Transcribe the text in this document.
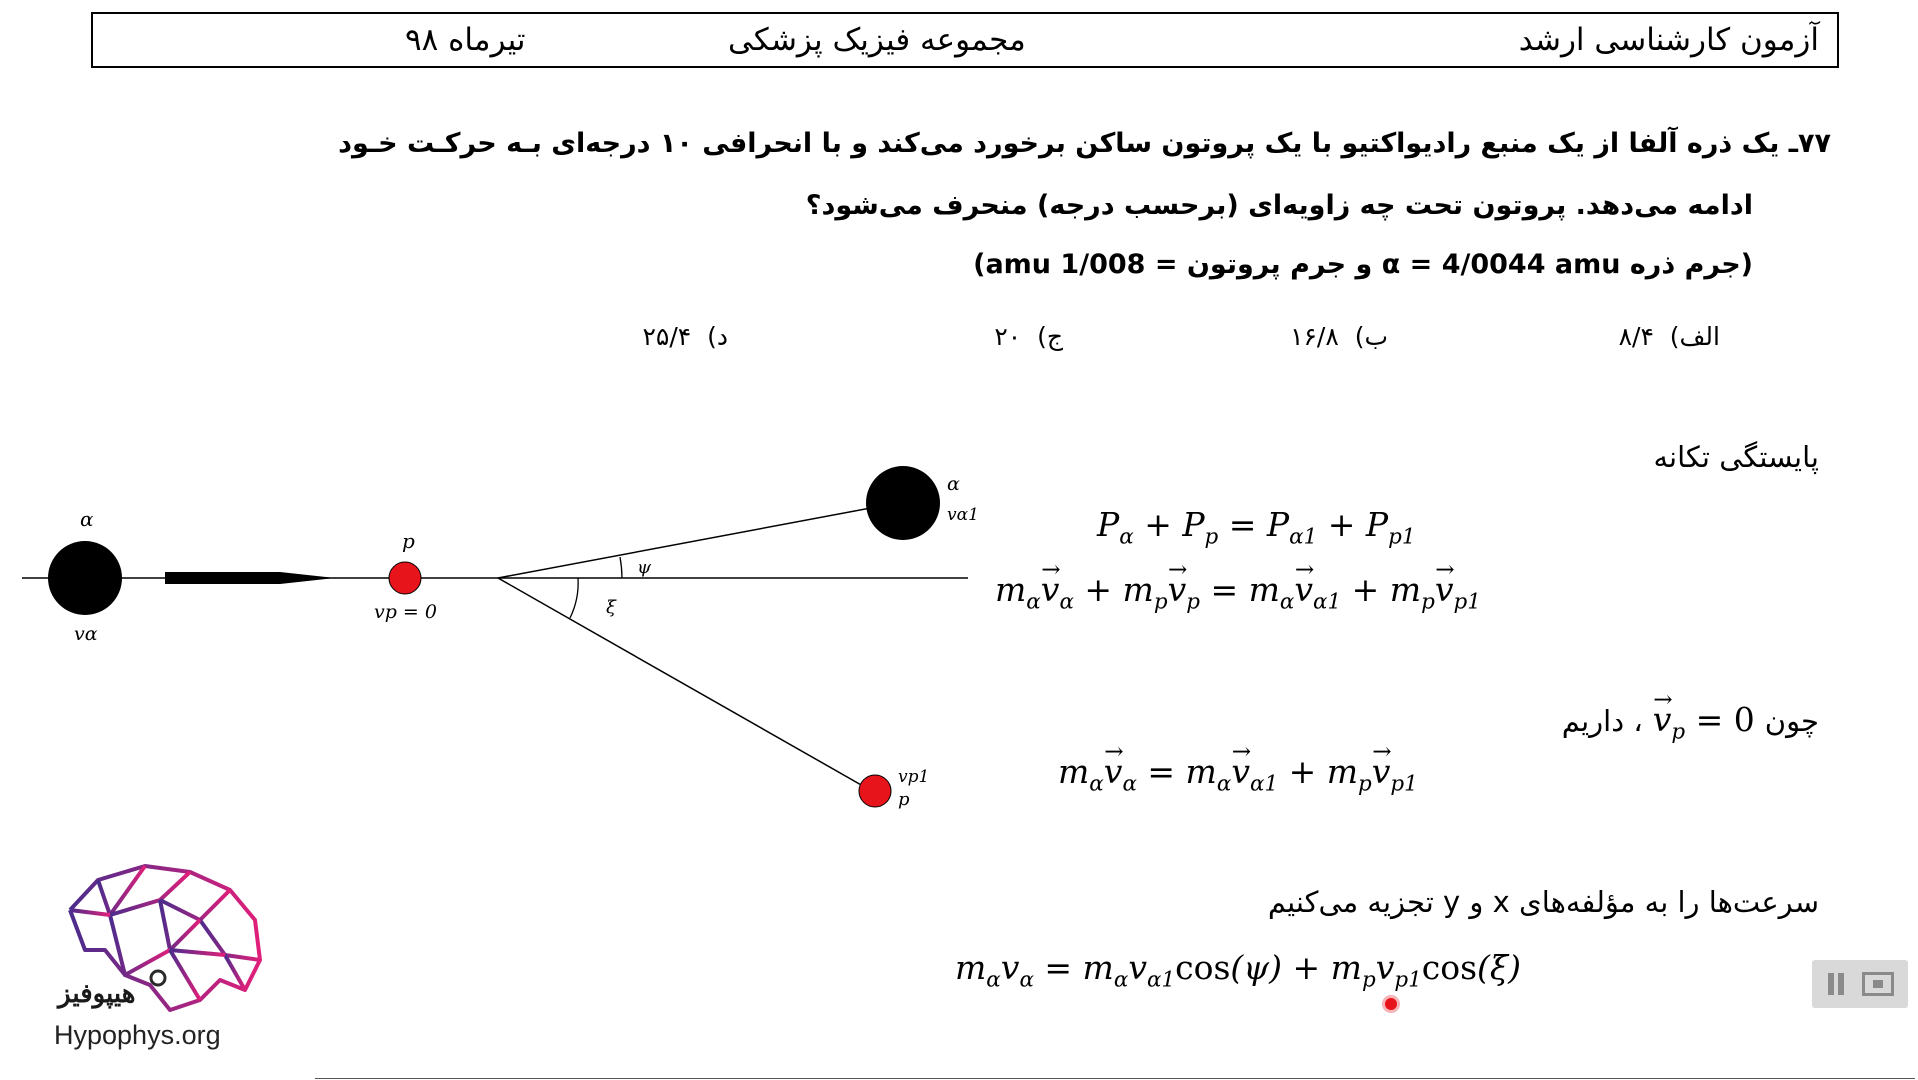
آزمون کارشناسی ارشد
مجموعه فیزیک پزشکی
تیرماه ۹۸
۷۷ـ یک ذره آلفا از یک منبع رادیواکتیو با یک پروتون ساکن برخورد می‌کند و با انحرافی ۱۰ درجه‌ای بـه حرکـت خـود
ادامه می‌دهد. پروتون تحت چه زاویه‌ای (برحسب درجه) منحرف می‌شود؟
(جرم ذره α = 4/0044 amu و جرم پروتون = 1/008 amu)
الف)  ۸/۴
ب)  ۱۶/۸
ج)  ۲۰
د)  ۲۵/۴
α
vα
p
vp = 0
α
vα1
ψ
ξ
vp1
p
پایستگی تکانه
$P_\alpha + P_p = P_{\alpha 1} + P_{p1}$
$m_\alpha\to v_\alpha + m_p\to v_p = m_\alpha\to v_{\alpha 1} + m_p\to v_{p1}$
، داریم
→ $v_p = 0$ چون
$m_\alpha\to v_\alpha = m_\alpha\to v_{\alpha 1} + m_p\to v_{p1}$
سرعت‌ها را به مؤلفه‌های x و y تجزیه می‌کنیم
$m_\alpha v_\alpha = m_\alpha v_{\alpha 1}\cos(\psi) + m_pv_{p1}\cos(\xi)$
هیپوفیز
Hypophys.org
